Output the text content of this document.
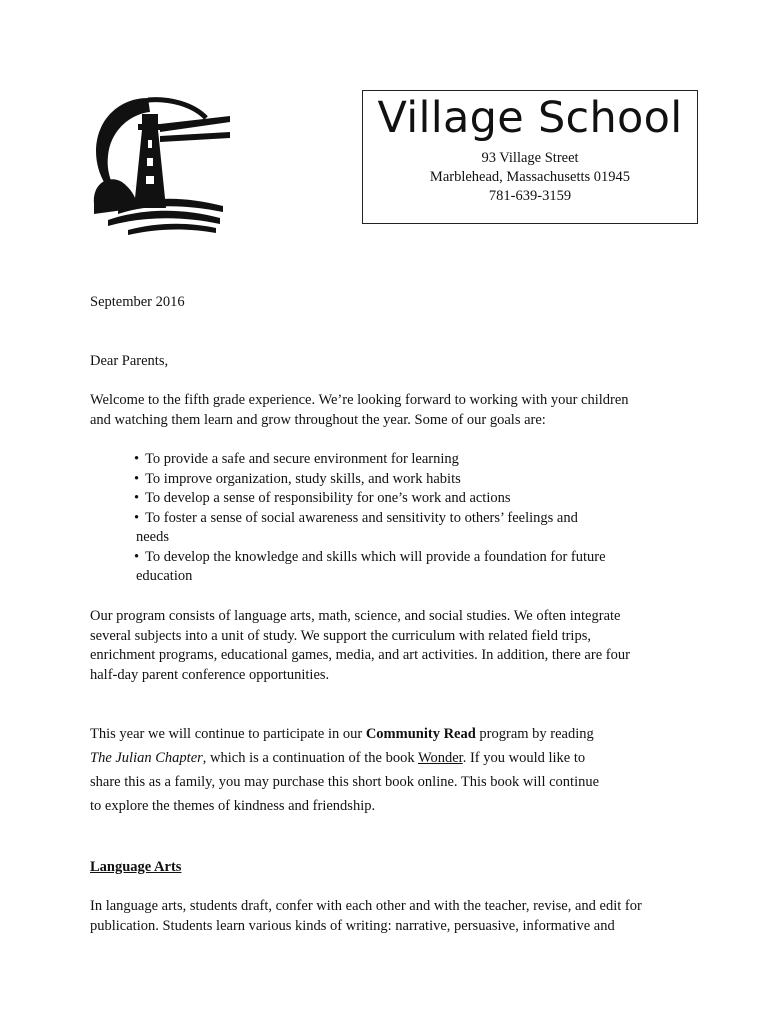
Village School
93 Village Street
Marblehead, Massachusetts 01945
781-639-3159
September 2016
Dear Parents,
Welcome to the fifth grade experience. We’re looking forward to working with your children
and watching them learn and grow throughout the year. Some of our goals are:
• To provide a safe and secure environment for learning
• To improve organization, study skills, and work habits
• To develop a sense of responsibility for one’s work and actions
• To foster a sense of social awareness and sensitivity to others’ feelings and
needs
• To develop the knowledge and skills which will provide a foundation for future
education
Our program consists of language arts, math, science, and social studies. We often integrate
several subjects into a unit of study. We support the curriculum with related field trips,
enrichment programs, educational games, media, and art activities. In addition, there are four
half-day parent conference opportunities.
This year we will continue to participate in our Community Read program by reading
The Julian Chapter, which is a continuation of the book Wonder. If you would like to
share this as a family, you may purchase this short book online. This book will continue
to explore the themes of kindness and friendship.
Language Arts
In language arts, students draft, confer with each other and with the teacher, revise, and edit for
publication. Students learn various kinds of writing: narrative, persuasive, informative and
